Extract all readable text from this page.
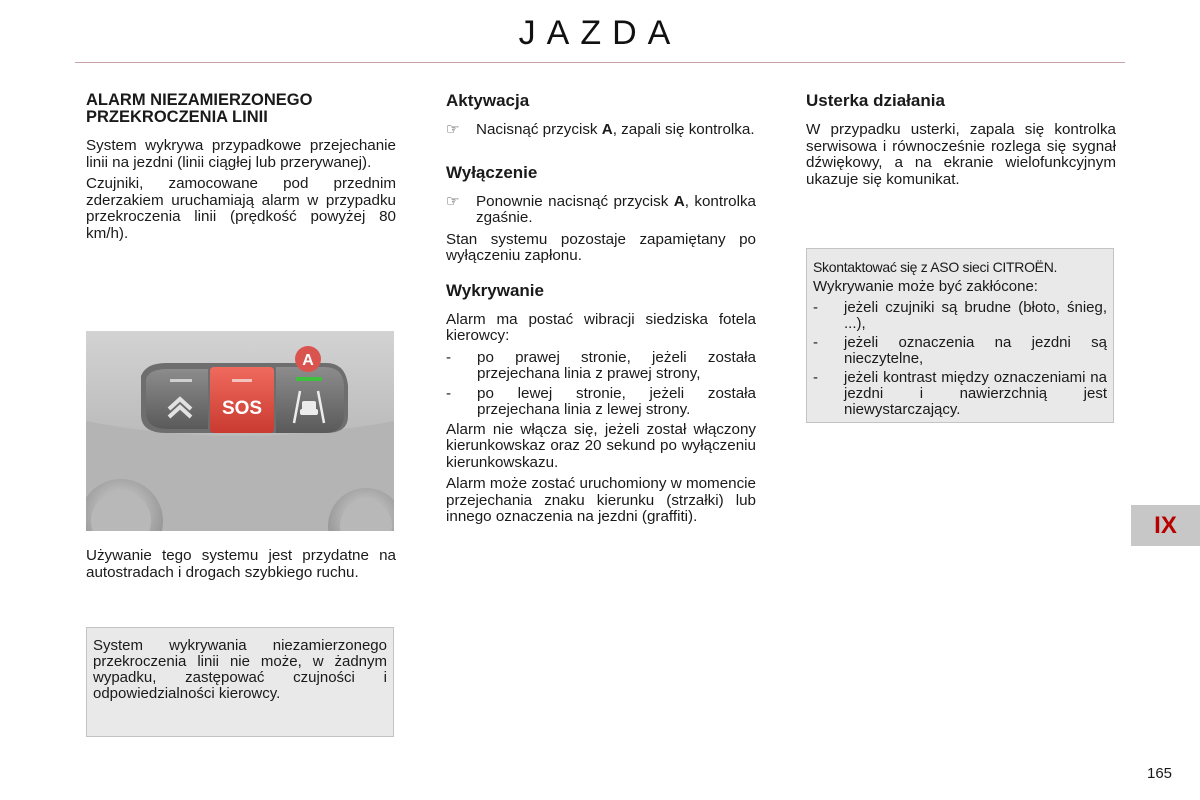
JAZDA
ALARM NIEZAMIERZONEGO PRZEKROCZENIA LINII

System wykrywa przypadkowe przejechanie linii na jezdni (linii ciągłej lub przerywanej).

Czujniki, zamocowane pod przednim zderzakiem uruchamiają alarm w przypadku przekroczenia linii (prędkość powyżej 80 km/h).

SOS
A

Używanie tego systemu jest przydatne na autostradach i drogach szybkiego ruchu.

System wykrywania niezamierzonego przekroczenia linii nie może, w żadnym wypadku, zastępować czujności i odpowiedzialności kierowcy.

Aktywacja
☞	Nacisnąć przycisk A, zapali się kontrolka.
Wyłączenie
☞	Ponownie nacisnąć przycisk A, kontrolka zgaśnie.

Stan systemu pozostaje zapamiętany po wyłączeniu zapłonu.

Wykrywanie

Alarm ma postać wibracji siedziska fotela kierowcy:

-	po prawej stronie, jeżeli została przejechana linia z prawej strony,
-	po lewej stronie, jeżeli została przejechana linia z lewej strony.

Alarm nie włącza się, jeżeli został włączony kierunkowskaz oraz 20 sekund po wyłączeniu kierunkowskazu.

Alarm może zostać uruchomiony w momencie przejechania znaku kierunku (strzałki) lub innego oznaczenia na jezdni (graffiti).

Usterka działania

W przypadku usterki, zapala się kontrolka serwisowa i równocześnie rozlega się sygnał dźwiękowy, a na ekranie wielofunkcyjnym ukazuje się komunikat.

Skontaktować się z ASO sieci CITROËN.

Wykrywanie może być zakłócone:

-	jeżeli czujniki są brudne (błoto, śnieg, ...),
-	jeżeli oznaczenia na jezdni są nieczytelne,
-	jeżeli kontrast między oznaczeniami na jezdni i nawierzchnią jest niewystarczający.
IX
165
